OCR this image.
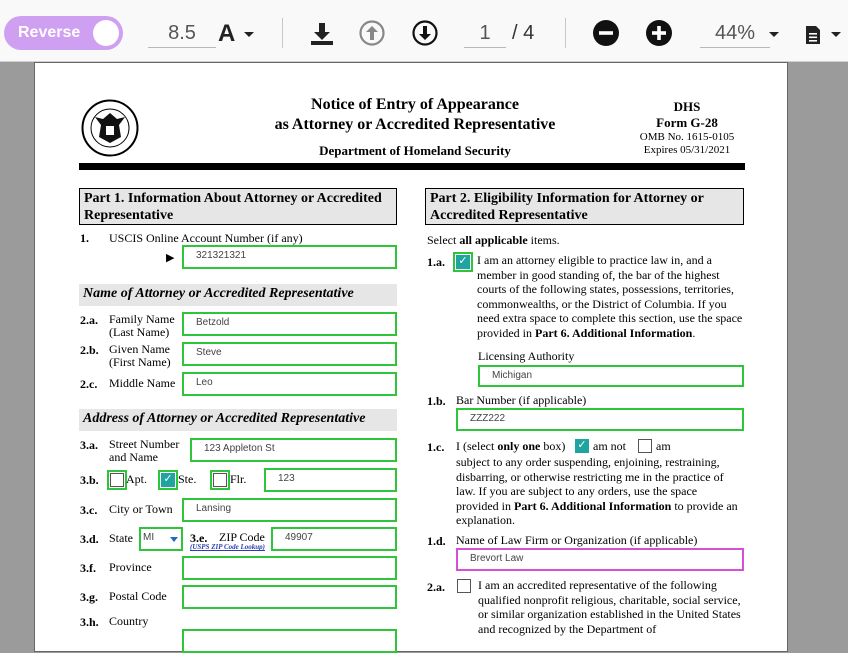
Reverse	8.5 A	1	/ 4	44%
Notice of Entry of Appearance
as Attorney or Accredited Representative
Department of Homeland Security
DHS
Form G-28
OMB No. 1615-0105
Expires 05/31/2021
Part 1. Information About Attorney or Accredited Representative
1. USCIS Online Account Number (if any)
▶	321321321
Name of Attorney or Accredited Representative
2.a. Family Name
(Last Name)
Betzold
2.b. Given Name
(First Name)
Steve
2.c. Middle Name	Leo
Address of Attorney or Accredited Representative
3.a. Street Number
and Name
123 Appleton St
3.b. Apt. ✓ Ste.	Flr.	123
3.c. City or Town	Lansing
3.d. State	MI	3.e. ZIP Code	49907
(USPS ZIP Code Lookup)
3.f. Province
3.g. Postal Code
3.h. Country
Part 2. Eligibility Information for Attorney or Accredited Representative
Select all applicable items.
1.a. ✓ I am an attorney eligible to practice law in, and a member in good standing of, the bar of the highest courts of the following states, possessions, territories, commonwealths, or the District of Columbia. If you need extra space to complete this section, use the space provided in Part 6. Additional Information.
Licensing Authority
Michigan
1.b. Bar Number (if applicable)
ZZZ222
1.c. I (select only one box) ✓ am not	am
subject to any order suspending, enjoining, restraining, disbarring, or otherwise restricting me in the practice of law. If you are subject to any orders, use the space provided in Part 6. Additional Information to provide an explanation.
1.d. Name of Law Firm or Organization (if applicable)
Brevort Law
2.a.	I am an accredited representative of the following qualified nonprofit religious, charitable, social service, or similar organization established in the United States and recognized by the Department of
